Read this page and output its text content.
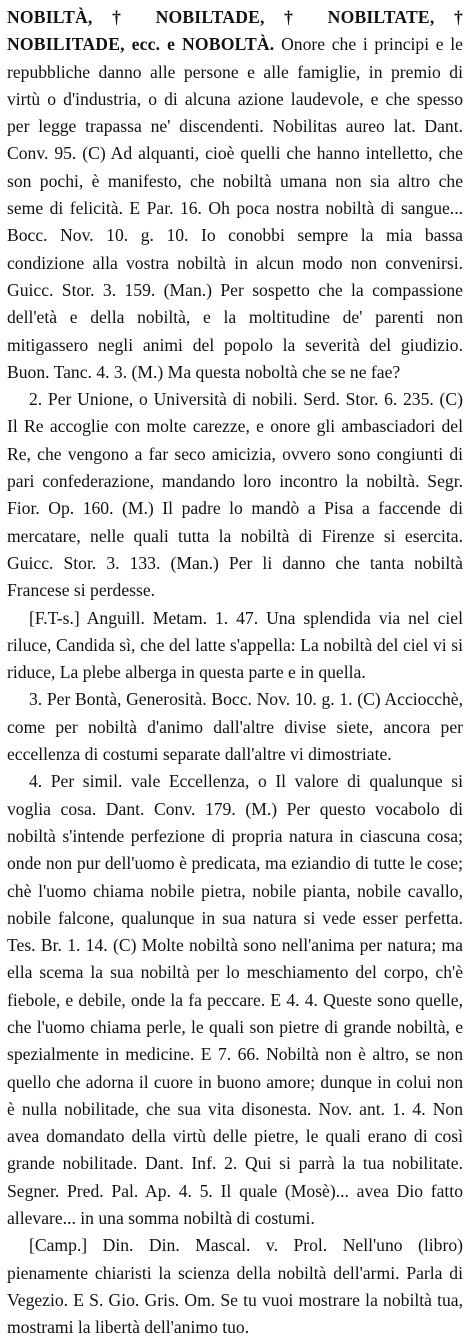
NOBILTÀ, † NOBILTADE, † NOBILTATE, † NOBILITADE, ecc. e NOBOLTÀ. Onore che i principi e le repubbliche danno alle persone e alle famiglie, in premio di virtù o d'industria, o di alcuna azione laudevole, e che spesso per legge trapassa ne' discendenti. Nobilitas aureo lat. Dant. Conv. 95. (C) Ad alquanti, cioè quelli che hanno intelletto, che son pochi, è manifesto, che nobiltà umana non sia altro che seme di felicità. E Par. 16. Oh poca nostra nobiltà di sangue... Bocc. Nov. 10. g. 10. Io conobbi sempre la mia bassa condizione alla vostra nobiltà in alcun modo non convenirsi. Guicc. Stor. 3. 159. (Man.) Per sospetto che la compassione dell'età e della nobiltà, e la moltitudine de' parenti non mitigassero negli animi del popolo la severità del giudizio. Buon. Tanc. 4. 3. (M.) Ma questa noboltà che se ne fae?

2. Per Unione, o Università di nobili. Serd. Stor. 6. 235. (C) Il Re accoglie con molte carezze, e onore gli ambasciadori del Re, che vengono a far seco amicizia, ovvero sono congiunti di pari confederazione, mandando loro incontro la nobiltà. Segr. Fior. Op. 160. (M.) Il padre lo mandò a Pisa a faccende di mercatare, nelle quali tutta la nobiltà di Firenze si esercita. Guicc. Stor. 3. 133. (Man.) Per li danno che tanta nobiltà Francese si perdesse.

[F.T-s.] Anguill. Metam. 1. 47. Una splendida via nel ciel riluce, Candida sì, che del latte s'appella: La nobiltà del ciel vi si riduce, La plebe alberga in questa parte e in quella.

3. Per Bontà, Generosità. Bocc. Nov. 10. g. 1. (C) Acciocchè, come per nobiltà d'animo dall'altre divise siete, ancora per eccellenza di costumi separate dall'altre vi dimostriate.

4. Per simil. vale Eccellenza, o Il valore di qualunque si voglia cosa. Dant. Conv. 179. (M.) Per questo vocabolo di nobiltà s'intende perfezione di propria natura in ciascuna cosa; onde non pur dell'uomo è predicata, ma eziandio di tutte le cose; chè l'uomo chiama nobile pietra, nobile pianta, nobile cavallo, nobile falcone, qualunque in sua natura si vede esser perfetta. Tes. Br. 1. 14. (C) Molte nobiltà sono nell'anima per natura; ma ella scema la sua nobiltà per lo meschiamento del corpo, ch'è fiebole, e debile, onde la fa peccare. E 4. 4. Queste sono quelle, che l'uomo chiama perle, le quali son pietre di grande nobiltà, e spezialmente in medicine. E 7. 66. Nobiltà non è altro, se non quello che adorna il cuore in buono amore; dunque in colui non è nulla nobilitade, che sua vita disonesta. Nov. ant. 1. 4. Non avea domandato della virtù delle pietre, le quali erano di così grande nobilitade. Dant. Inf. 2. Qui si parrà la tua nobilitate. Segner. Pred. Pal. Ap. 4. 5. Il quale (Mosè)... avea Dio fatto allevare... in una somma nobiltà di costumi.

[Camp.] Din. Din. Mascal. v. Prol. Nell'uno (libro) pienamente chiaristi la scienza della nobiltà dell'armi. Parla di Vegezio. E S. Gio. Gris. Om. Se tu vuoi mostrare la nobiltà tua, mostrami la libertà dell'animo tuo.
